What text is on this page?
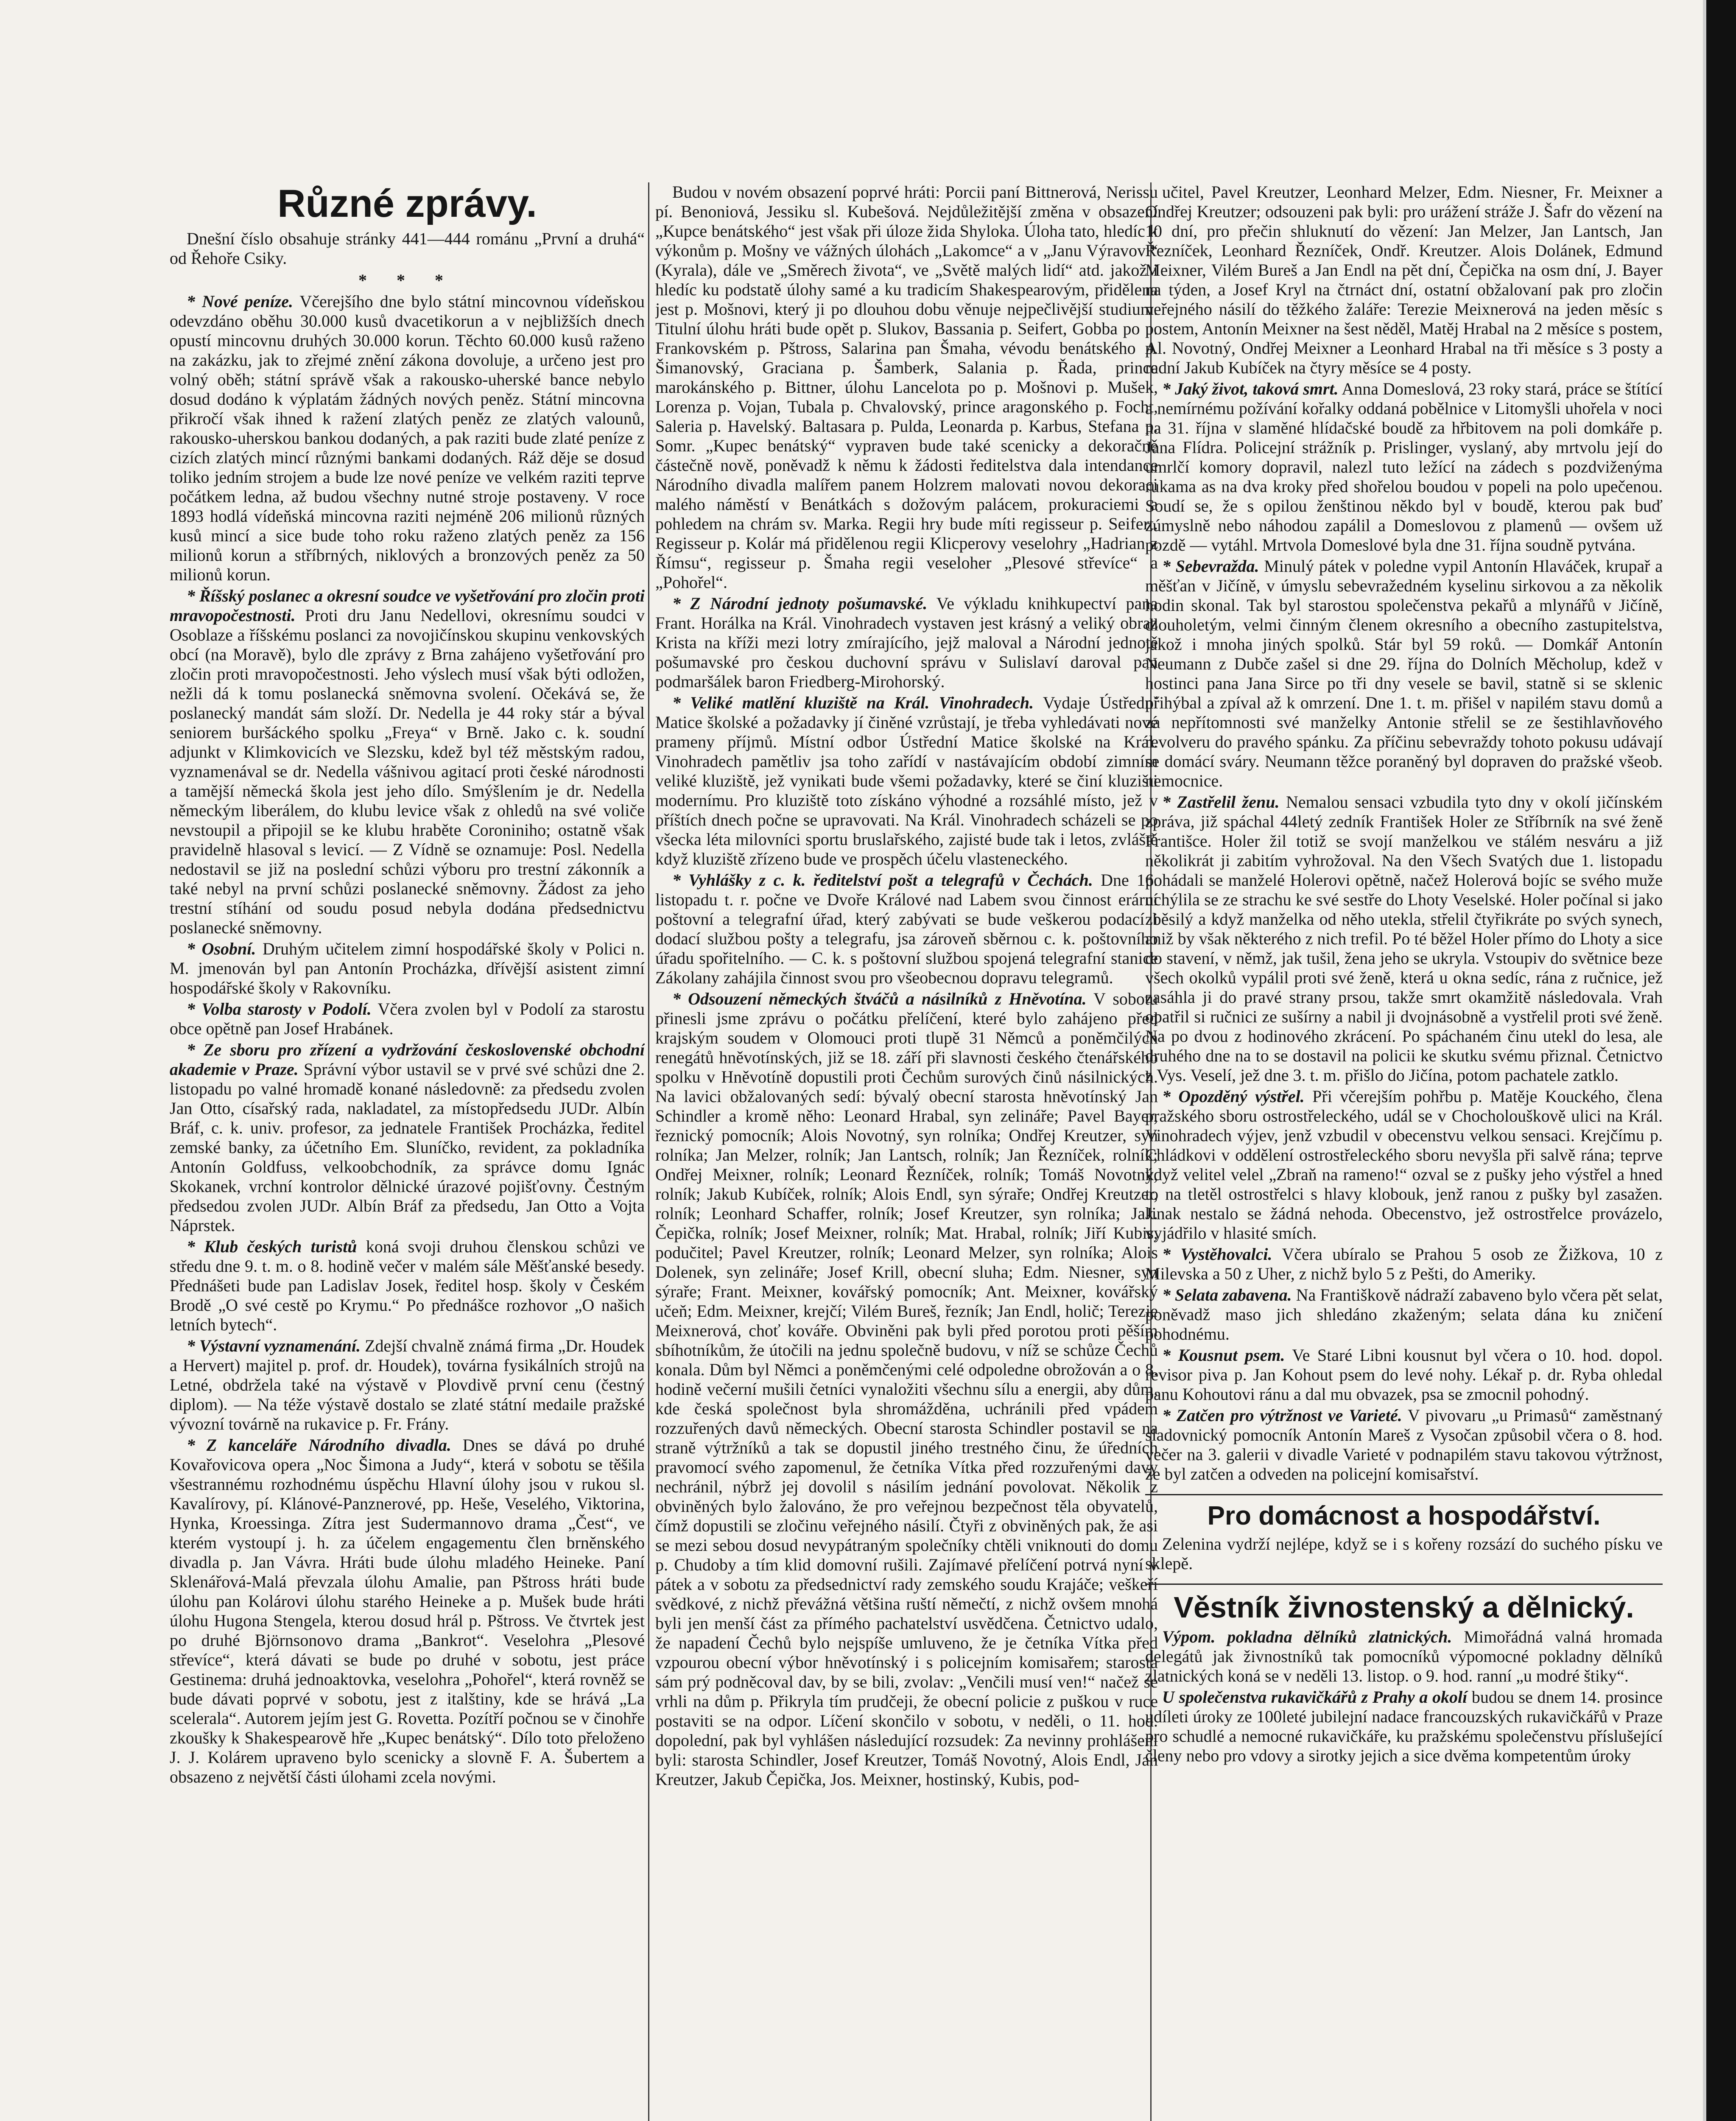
Různé zprávy.

Dnešní číslo obsahuje stránky 441—444 románu „První a druhá“ od Řehoře Csiky.

* * *

* Nové peníze. Včerejšího dne bylo státní mincovnou vídeňskou odevzdáno oběhu 30.000 kusů dvacetikorun a v nejbližších dnech opustí mincovnu druhých 30.000 korun. Těchto 60.000 kusů raženo na zakázku, jak to zřejmé znění zákona dovoluje, a určeno jest pro volný oběh; státní správě však a rakousko-uherské bance nebylo dosud dodáno k výplatám žádných nových peněz. Státní mincovna přikročí však ihned k ražení zlatých peněz ze zlatých valounů, rakousko-uherskou bankou dodaných, a pak raziti bude zlaté peníze z cizích zlatých mincí různými bankami dodaných. Ráž děje se dosud toliko jedním strojem a bude lze nové peníze ve velkém raziti teprve počátkem ledna, až budou všechny nutné stroje postaveny. V roce 1893 hodlá vídeňská mincovna raziti nejméně 206 milionů různých kusů mincí a sice bude toho roku raženo zlatých peněz za 156 milionů korun a stříbrných, niklových a bronzových peněz za 50 milionů korun.

* Říšský poslanec a okresní soudce ve vyšetřování pro zločin proti mravopočestnosti. Proti dru Janu Nedellovi, okresnímu soudci v Osoblaze a říšskému poslanci za novojičínskou skupinu venkovských obcí (na Moravě), bylo dle zprávy z Brna zahájeno vyšetřování pro zločin proti mravopočestnosti. Jeho výslech musí však býti odložen, nežli dá k tomu poslanecká sněmovna svolení. Očekává se, že poslanecký mandát sám složí. Dr. Nedella je 44 roky stár a býval seniorem buršáckého spolku „Freya“ v Brně. Jako c. k. soudní adjunkt v Klimkovicích ve Slezsku, kdež byl též městským radou, vyznamenával se dr. Nedella vášnivou agitací proti české národnosti a tamější německá škola jest jeho dílo. Smýšlením je dr. Nedella německým liberálem, do klubu levice však z ohledů na své voliče nevstoupil a připojil se ke klubu hraběte Coroniniho; ostatně však pravidelně hlasoval s levicí. — Z Vídně se oznamuje: Posl. Nedella nedostavil se již na poslední schůzi výboru pro trestní zákonník a také nebyl na první schůzi poslanecké sněmovny. Žádost za jeho trestní stíhání od soudu posud nebyla dodána předsednictvu poslanecké sněmovny.

* Osobní. Druhým učitelem zimní hospodářské školy v Polici n. M. jmenován byl pan Antonín Procházka, dřívější asistent zimní hospodářské školy v Rakovníku.

* Volba starosty v Podolí. Včera zvolen byl v Podolí za starostu obce opětně pan Josef Hrabánek.

* Ze sboru pro zřízení a vydržování československé obchodní akademie v Praze. Správní výbor ustavil se v prvé své schůzi dne 2. listopadu po valné hromadě konané následovně: za předsedu zvolen Jan Otto, císařský rada, nakladatel, za místopředsedu JUDr. Albín Bráf, c. k. univ. profesor, za jednatele František Procházka, ředitel zemské banky, za účetního Em. Sluníčko, revident, za pokladníka Antonín Goldfuss, velkoobchodník, za správce domu Ignác Skokanek, vrchní kontrolor dělnické úrazové pojišťovny. Čestným předsedou zvolen JUDr. Albín Bráf za předsedu, Jan Otto a Vojta Náprstek.

* Klub českých turistů koná svoji druhou členskou schůzi ve středu dne 9. t. m. o 8. hodině večer v malém sále Měšťanské besedy. Přednášeti bude pan Ladislav Josek, ředitel hosp. školy v Českém Brodě „O své cestě po Krymu.“ Po přednášce rozhovor „O našich letních bytech“.

* Výstavní vyznamenání. Zdejší chvalně známá firma „Dr. Houdek a Hervert) majitel p. prof. dr. Houdek), továrna fysikálních strojů na Letné, obdržela také na výstavě v Plovdivě první cenu (čestný diplom). — Na téže výstavě dostalo se zlaté státní medaile pražské vývozní továrně na rukavice p. Fr. Frány.

* Z kanceláře Národního divadla. Dnes se dává po druhé Kovařovicova opera „Noc Šimona a Judy“, která v sobotu se těšila všestrannému rozhodnému úspěchu Hlavní úlohy jsou v rukou sl. Kavalírovy, pí. Klánové-Panznerové, pp. Heše, Veselého, Viktorina, Hynka, Kroessinga. Zítra jest Sudermannovo drama „Čest“, ve kterém vystoupí j. h. za účelem engagementu člen brněnského divadla p. Jan Vávra. Hráti bude úlohu mladého Heineke. Paní Sklenářová-Malá převzala úlohu Amalie, pan Pštross hráti bude úlohu pan Kolárovi úlohu starého Heineke a p. Mušek bude hráti úlohu Hugona Stengela, kterou dosud hrál p. Pštross. Ve čtvrtek jest po druhé Björnsonovo drama „Bankrot“. Veselohra „Plesové střevíce“, která dávati se bude po druhé v sobotu, jest práce Gestinema: druhá jednoaktovka, veselohra „Pohořel“, která rovněž se bude dávati poprvé v sobotu, jest z italštiny, kde se hrává „La scelerala“. Autorem jejím jest G. Rovetta. Pozítří počnou se v činohře zkoušky k Shakespearově hře „Kupec benátský“. Dílo toto přeloženo J. J. Kolárem upraveno bylo scenicky a slovně F. A. Šubertem a obsazeno z největší části úlohami zcela novými.

Budou v novém obsazení poprvé hráti: Porcii paní Bittnerová, Nerissu pí. Benoniová, Jessiku sl. Kubešová. Nejdůležitější změna v obsazení „Kupce benátského“ jest však při úloze žida Shyloka. Úloha tato, hledíc k výkonům p. Mošny ve vážných úlohách „Lakomce“ a v „Janu Výravovi“ (Kyrala), dále ve „Směrech života“, ve „Světě malých lidí“ atd. jakož i hledíc ku podstatě úlohy samé a ku tradicím Shakespearovým, přidělena jest p. Mošnovi, který ji po dlouhou dobu věnuje nejpečlivější studium. Titulní úlohu hráti bude opět p. Slukov, Bassania p. Seifert, Gobba po p. Frankovském p. Pštross, Salarina pan Šmaha, vévodu benátského p. Šimanovský, Graciana p. Šamberk, Salania p. Řada, prince marokánského p. Bittner, úlohu Lancelota po p. Mošnovi p. Mušek, Lorenza p. Vojan, Tubala p. Chvalovský, prince aragonského p. Focht, Saleria p. Havelský. Baltasara p. Pulda, Leonarda p. Karbus, Stefana p. Somr. „Kupec benátský“ vypraven bude také scenicky a dekoračně částečně nově, poněvadž k němu k žádosti ředitelstva dala intendance Národního divadla malířem panem Holzrem malovati novou dekoraci malého náměstí v Benátkách s dožovým palácem, prokuraciemi a pohledem na chrám sv. Marka. Regii hry bude míti regisseur p. Seifert. Regisseur p. Kolár má přidělenou regii Klicperovy veselohry „Hadrian z Římsu“, regisseur p. Šmaha regii veseloher „Plesové střevíce“ a „Pohořel“.

* Z Národní jednoty pošumavské. Ve výkladu knihkupectví pana Frant. Horálka na Král. Vinohradech vystaven jest krásný a veliký obraz Krista na kříži mezi lotry zmírajícího, jejž maloval a Národní jednotě pošumavské pro českou duchovní správu v Sulislaví daroval pan podmaršálek baron Friedberg-Mirohorský.

* Veliké matlění kluziště na Král. Vinohradech. Vydaje Ústřední Matice školské a požadavky jí činěné vzrůstají, je třeba vyhledávati nové prameny příjmů. Místní odbor Ústřední Matice školské na Král. Vinohradech pamětliv jsa toho zařídí v nastávajícím období zimním veliké kluziště, jež vynikati bude všemi požadavky, které se činí kluzišti modernímu. Pro kluziště toto získáno výhodné a rozsáhlé místo, jež v příštích dnech počne se upravovati. Na Král. Vinohradech scházeli se po všecka léta milovníci sportu bruslařského, zajisté bude tak i letos, zvláště když kluziště zřízeno bude ve prospěch účelu vlasteneckého.

* Vyhlášky z c. k. ředitelství pošt a telegrafů v Čechách. Dne 16. listopadu t. r. počne ve Dvoře Králové nad Labem svou činnost erární poštovní a telegrafní úřad, který zabývati se bude veškerou podací i dodací službou pošty a telegrafu, jsa zároveň sběrnou c. k. poštovního úřadu spořitelního. — C. k. s poštovní službou spojená telegrafní stanice Zákolany zahájila činnost svou pro všeobecnou dopravu telegramů.

* Odsouzení německých štváčů a násilníků z Hněvotína. V sobotu přinesli jsme zprávu o počátku přelíčení, které bylo zahájeno před krajským soudem v Olomouci proti tlupě 31 Němců a poněmčilých renegátů hněvotínských, již se 18. září při slavnosti českého čtenářského spolku v Hněvotíně dopustili proti Čechům surových činů násilnických. Na lavici obžalovaných sedí: bývalý obecní starosta hněvotínský Jan Schindler a kromě něho: Leonard Hrabal, syn zelináře; Pavel Bayer, řeznický pomocník; Alois Novotný, syn rolníka; Ondřej Kreutzer, syn rolníka; Jan Melzer, rolník; Jan Lantsch, rolník; Jan Řezníček, rolník; Ondřej Meixner, rolník; Leonard Řezníček, rolník; Tomáš Novotný, rolník; Jakub Kubíček, rolník; Alois Endl, syn sýraře; Ondřej Kreutzer, rolník; Leonhard Schaffer, rolník; Josef Kreutzer, syn rolníka; Jak. Čepička, rolník; Josef Meixner, rolník; Mat. Hrabal, rolník; Jiří Kubis, podučitel; Pavel Kreutzer, rolník; Leonard Melzer, syn rolníka; Alois Dolenek, syn zelináře; Josef Krill, obecní sluha; Edm. Niesner, syn sýraře; Frant. Meixner, kovářský pomocník; Ant. Meixner, kovářský učeň; Edm. Meixner, krejčí; Vilém Bureš, řezník; Jan Endl, holič; Terezie Meixnerová, choť kováře. Obviněni pak byli před porotou proti pěším sbíhotníkům, že útočili na jednu společně budovu, v níž se schůze Čechů konala. Dům byl Němci a poněmčenými celé odpoledne obrožován a o 8. hodině večerní mušili četníci vynaložiti všechnu sílu a energii, aby dům, kde česká společnost byla shromážděna, uchránili před vpádem rozzuřených davů německých. Obecní starosta Schindler postavil se na straně výtržníků a tak se dopustil jiného trestného činu, že úředních pravomocí svého zapomenul, že četníka Vítka před rozzuřenými davy nechránil, nýbrž jej dovolil s násilím jednání povolovat. Několik z obviněných bylo žalováno, že pro veřejnou bezpečnost těla obyvatelů, čímž dopustili se zločinu veřejného násilí. Čtyři z obviněných pak, že asi se mezi sebou dosud nevypátraným společníky chtěli vniknouti do domu p. Chudoby a tím klid domovní rušili. Zajímavé přelíčení potrvá nyní v pátek a v sobotu za předsednictví rady zemského soudu Krajáče; veškeří svědkové, z nichž převážná většina ruští němečtí, z nichž ovšem mnohá byli jen menší část za přímého pachatelství usvědčena. Četnictvo udalo, že napadení Čechů bylo nejspíše umluveno, že je četníka Vítka před vzpourou obecní výbor hněvotínský i s policejním komisařem; starosta sám prý podněcoval dav, by se bili, zvolav: „Venčili musí ven!“ načež se vrhli na dům p. Přikryla tím prudčeji, že obecní policie z puškou v ruce postaviti se na odpor. Líčení skončilo v sobotu, v neděli, o 11. hod. dopolední, pak byl vyhlášen následující rozsudek: Za nevinny prohlášeni byli: starosta Schindler, Josef Kreutzer, Tomáš Novotný, Alois Endl, Jan Kreutzer, Jakub Čepička, Jos. Meixner, hostinský, Kubis, pod-

učitel, Pavel Kreutzer, Leonhard Melzer, Edm. Niesner, Fr. Meixner a Ondřej Kreutzer; odsouzeni pak byli: pro urážení stráže J. Šafr do vězení na 10 dní, pro přečin shluknutí do vězení: Jan Melzer, Jan Lantsch, Jan Řezníček, Leonhard Řezníček, Ondř. Kreutzer. Alois Dolánek, Edmund Meixner, Vilém Bureš a Jan Endl na pět dní, Čepička na osm dní, J. Bayer na týden, a Josef Kryl na čtrnáct dní, ostatní obžalovaní pak pro zločin veřejného násilí do těžkého žaláře: Terezie Meixnerová na jeden měsíc s postem, Antonín Meixner na šest něděl, Matěj Hrabal na 2 měsíce s postem, Al. Novotný, Ondřej Meixner a Leonhard Hrabal na tři měsíce s 3 posty a radní Jakub Kubíček na čtyry měsíce se 4 posty.

* Jaký život, taková smrt. Anna Domeslová, 23 roky stará, práce se štítící a nemírnému požívání kořalky oddaná pobělnice v Litomyšli uhořela v noci na 31. října v slaměné hlídačské boudě za hřbitovem na poli domkáře p. Jana Flídra. Policejní strážník p. Prislinger, vyslaný, aby mrtvolu její do umrlčí komory dopravil, nalezl tuto ležící na zádech s pozdviženýma rukama as na dva kroky před shořelou boudou v popeli na polo upečenou. Soudí se, že s opilou ženštinou někdo byl v boudě, kterou pak buď zúmyslně nebo náhodou zapálil a Domeslovou z plamenů — ovšem už pozdě — vytáhl. Mrtvola Domeslové byla dne 31. října soudně pytvána.

* Sebevražda. Minulý pátek v poledne vypil Antonín Hlaváček, krupař a měšťan v Jičíně, v úmyslu sebevražedném kyselinu sirkovou a za několik hodin skonal. Tak byl starostou společenstva pekařů a mlynářů v Jičíně, dlouholetým, velmi činným členem okresního a obecního zastupitelstva, jakož i mnoha jiných spolků. Stár byl 59 roků. — Domkář Antonín Neumann z Dubče zašel si dne 29. října do Dolních Měcholup, kdež v hostinci pana Jana Sirce po tři dny vesele se bavil, statně si se sklenic přihýbal a zpíval až k omrzení. Dne 1. t. m. přišel v napilém stavu domů a za nepřítomnosti své manželky Antonie střelil se ze šestihlavňového revolveru do pravého spánku. Za příčinu sebevraždy tohoto pokusu udávají se domácí sváry. Neumann těžce poraněný byl dopraven do pražské všeob. nemocnice.

* Zastřelil ženu. Nemalou sensaci vzbudila tyto dny v okolí jičínském zpráva, již spáchal 44letý zedník František Holer ze Stříbrník na své ženě Františce. Holer žil totiž se svojí manželkou ve stálém nesváru a již několikrát ji zabitím vyhrožoval. Na den Všech Svatých due 1. listopadu pohádali se manželé Holerovi opětně, načež Holerová bojíc se svého muže uchýlila se ze strachu ke své sestře do Lhoty Veselské. Holer počínal si jako zběsilý a když manželka od něho utekla, střelil čtyřikráte po svých synech, aniž by však některého z nich trefil. Po té běžel Holer přímo do Lhoty a sice do stavení, v němž, jak tušil, žena jeho se ukryla. Vstoupiv do světnice beze všech okolků vypálil proti své ženě, která u okna sedíc, rána z ručnice, jež zasáhla ji do pravé strany prsou, takže smrt okamžitě následovala. Vrah opatřil si ručnici ze sušírny a nabil ji dvojnásobně a vystřelil proti své ženě. Na po dvou z hodinového zkrácení. Po spáchaném činu utekl do lesa, ale druhého dne na to se dostavil na policii ke skutku svému přiznal. Četnictvo z Vys. Veselí, jež dne 3. t. m. přišlo do Jičína, potom pachatele zatklo.

* Opozděný výstřel. Při včerejším pohřbu p. Matěje Kouckého, člena pražského sboru ostrostřeleckého, udál se v Chocholouškově ulici na Král. Vinohradech výjev, jenž vzbudil v obecenstvu velkou sensaci. Krejčímu p. Chládkovi v oddělení ostrostřeleckého sboru nevyšla při salvě rána; teprve když velitel velel „Zbraň na rameno!“ ozval se z pušky jeho výstřel a hned to na tletěl ostrostřelci s hlavy klobouk, jenž ranou z pušky byl zasažen. Jinak nestalo se žádná nehoda. Obecenstvo, jež ostrostřelce provázelo, vyjádřilo v hlasité smích.

* Vystěhovalci. Včera ubíralo se Prahou 5 osob ze Žižkova, 10 z Milevska a 50 z Uher, z nichž bylo 5 z Pešti, do Ameriky.

* Selata zabavena. Na Františkově nádraží zabaveno bylo včera pět selat, poněvadž maso jich shledáno zkaženým; selata dána ku zničení pohodnému.

* Kousnut psem. Ve Staré Libni kousnut byl včera o 10. hod. dopol. revisor piva p. Jan Kohout psem do levé nohy. Lékař p. dr. Ryba ohledal panu Kohoutovi ránu a dal mu obvazek, psa se zmocnil pohodný.

* Zatčen pro výtržnost ve Varieté. V pivovaru „u Primasů“ zaměstnaný sladovnický pomocník Antonín Mareš z Vysočan způsobil včera o 8. hod. večer na 3. galerii v divadle Varieté v podnapilém stavu takovou výtržnost, že byl zatčen a odveden na policejní komisařství.

Pro domácnost a hospodářství.

Zelenina vydrží nejlépe, když se i s kořeny rozsází do suchého písku ve sklepě.

Věstník živnostenský a dělnický.

Výpom. pokladna dělníků zlatnických. Mimořádná valná hromada delegátů jak živnostníků tak pomocníků výpomocné pokladny dělníků zlatnických koná se v neděli 13. listop. o 9. hod. ranní „u modré štiky“.

U společenstva rukavičkářů z Prahy a okolí budou se dnem 14. prosince udíleti úroky ze 100leté jubilejní nadace francouzských rukavičkářů v Praze pro schudlé a nemocné rukavičkáře, ku pražskému společenstvu příslušející členy nebo pro vdovy a sirotky jejich a sice dvěma kompetentům úroky
